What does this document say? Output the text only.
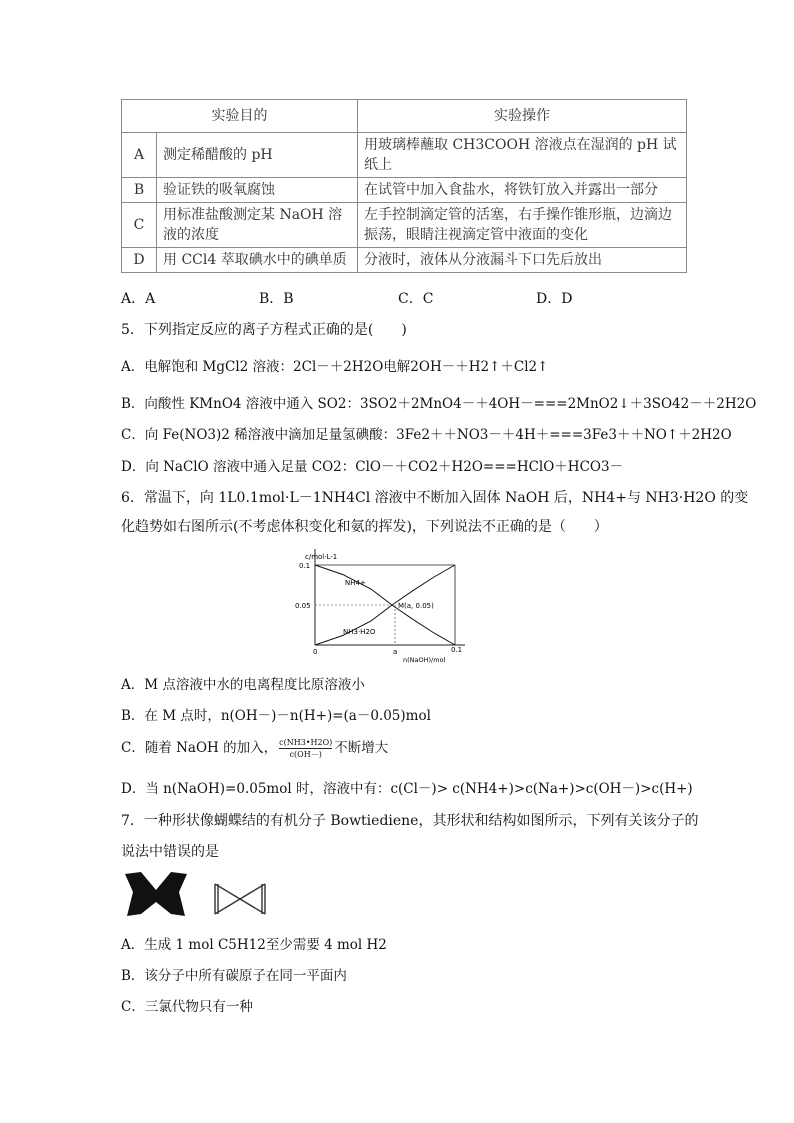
实验目的		实验操作
A	测定稀醋酸的 pH	用玻璃棒蘸取 CH3COOH 溶液点在湿润的 pH 试纸上
B	验证铁的吸氧腐蚀	在试管中加入食盐水，将铁钉放入并露出一部分
C	用标准盐酸测定某 NaOH 溶液的浓度	左手控制滴定管的活塞，右手操作锥形瓶，边滴边振荡，眼睛注视滴定管中液面的变化
D	用 CCl4 萃取碘水中的碘单质	分液时，液体从分液漏斗下口先后放出
A．A	B．B	C．C	D．D
5．下列指定反应的离子方程式正确的是(　　)
A．电解饱和 MgCl2 溶液：2Cl－＋2H2O电解2OH－＋H2↑＋Cl2↑
B．向酸性 KMnO4 溶液中通入 SO2：3SO2＋2MnO4－＋4OH－===2MnO2↓＋3SO42－＋2H2O
C．向 Fe(NO3)2 稀溶液中滴加足量氢碘酸：3Fe2＋＋NO3－＋4H＋===3Fe3＋＋NO↑＋2H2O
D．向 NaClO 溶液中通入足量 CO2：ClO－＋CO2＋H2O===HClO＋HCO3－
6．常温下，向 1L0.1mol·L－1NH4Cl 溶液中不断加入固体 NaOH 后，NH4+与 NH3·H2O 的变
化趋势如右图所示(不考虑体积变化和氨的挥发)，下列说法不正确的是（　　）
c/mol·L-1
0.1
0.05
0	a	0.1
n(NaOH)/mol
NH4+
NH3·H2O
M(a, 0.05)
A．M 点溶液中水的电离程度比原溶液小
B．在 M 点时，n(OH－)－n(H+)=(a－0.05)mol
C．随着 NaOH 的加入， $\frac{c(NH3•H2O)}{c(OH-)}$ 不断增大
D．当 n(NaOH)=0.05mol 时，溶液中有：c(Cl－)> c(NH4+)>c(Na+)>c(OH－)>c(H+)
7．一种形状像蝴蝶结的有机分子 Bowtiediene，其形状和结构如图所示，下列有关该分子的
说法中错误的是
A．生成 1 mol C5H12至少需要 4 mol H2
B．该分子中所有碳原子在同一平面内
C．三氯代物只有一种
